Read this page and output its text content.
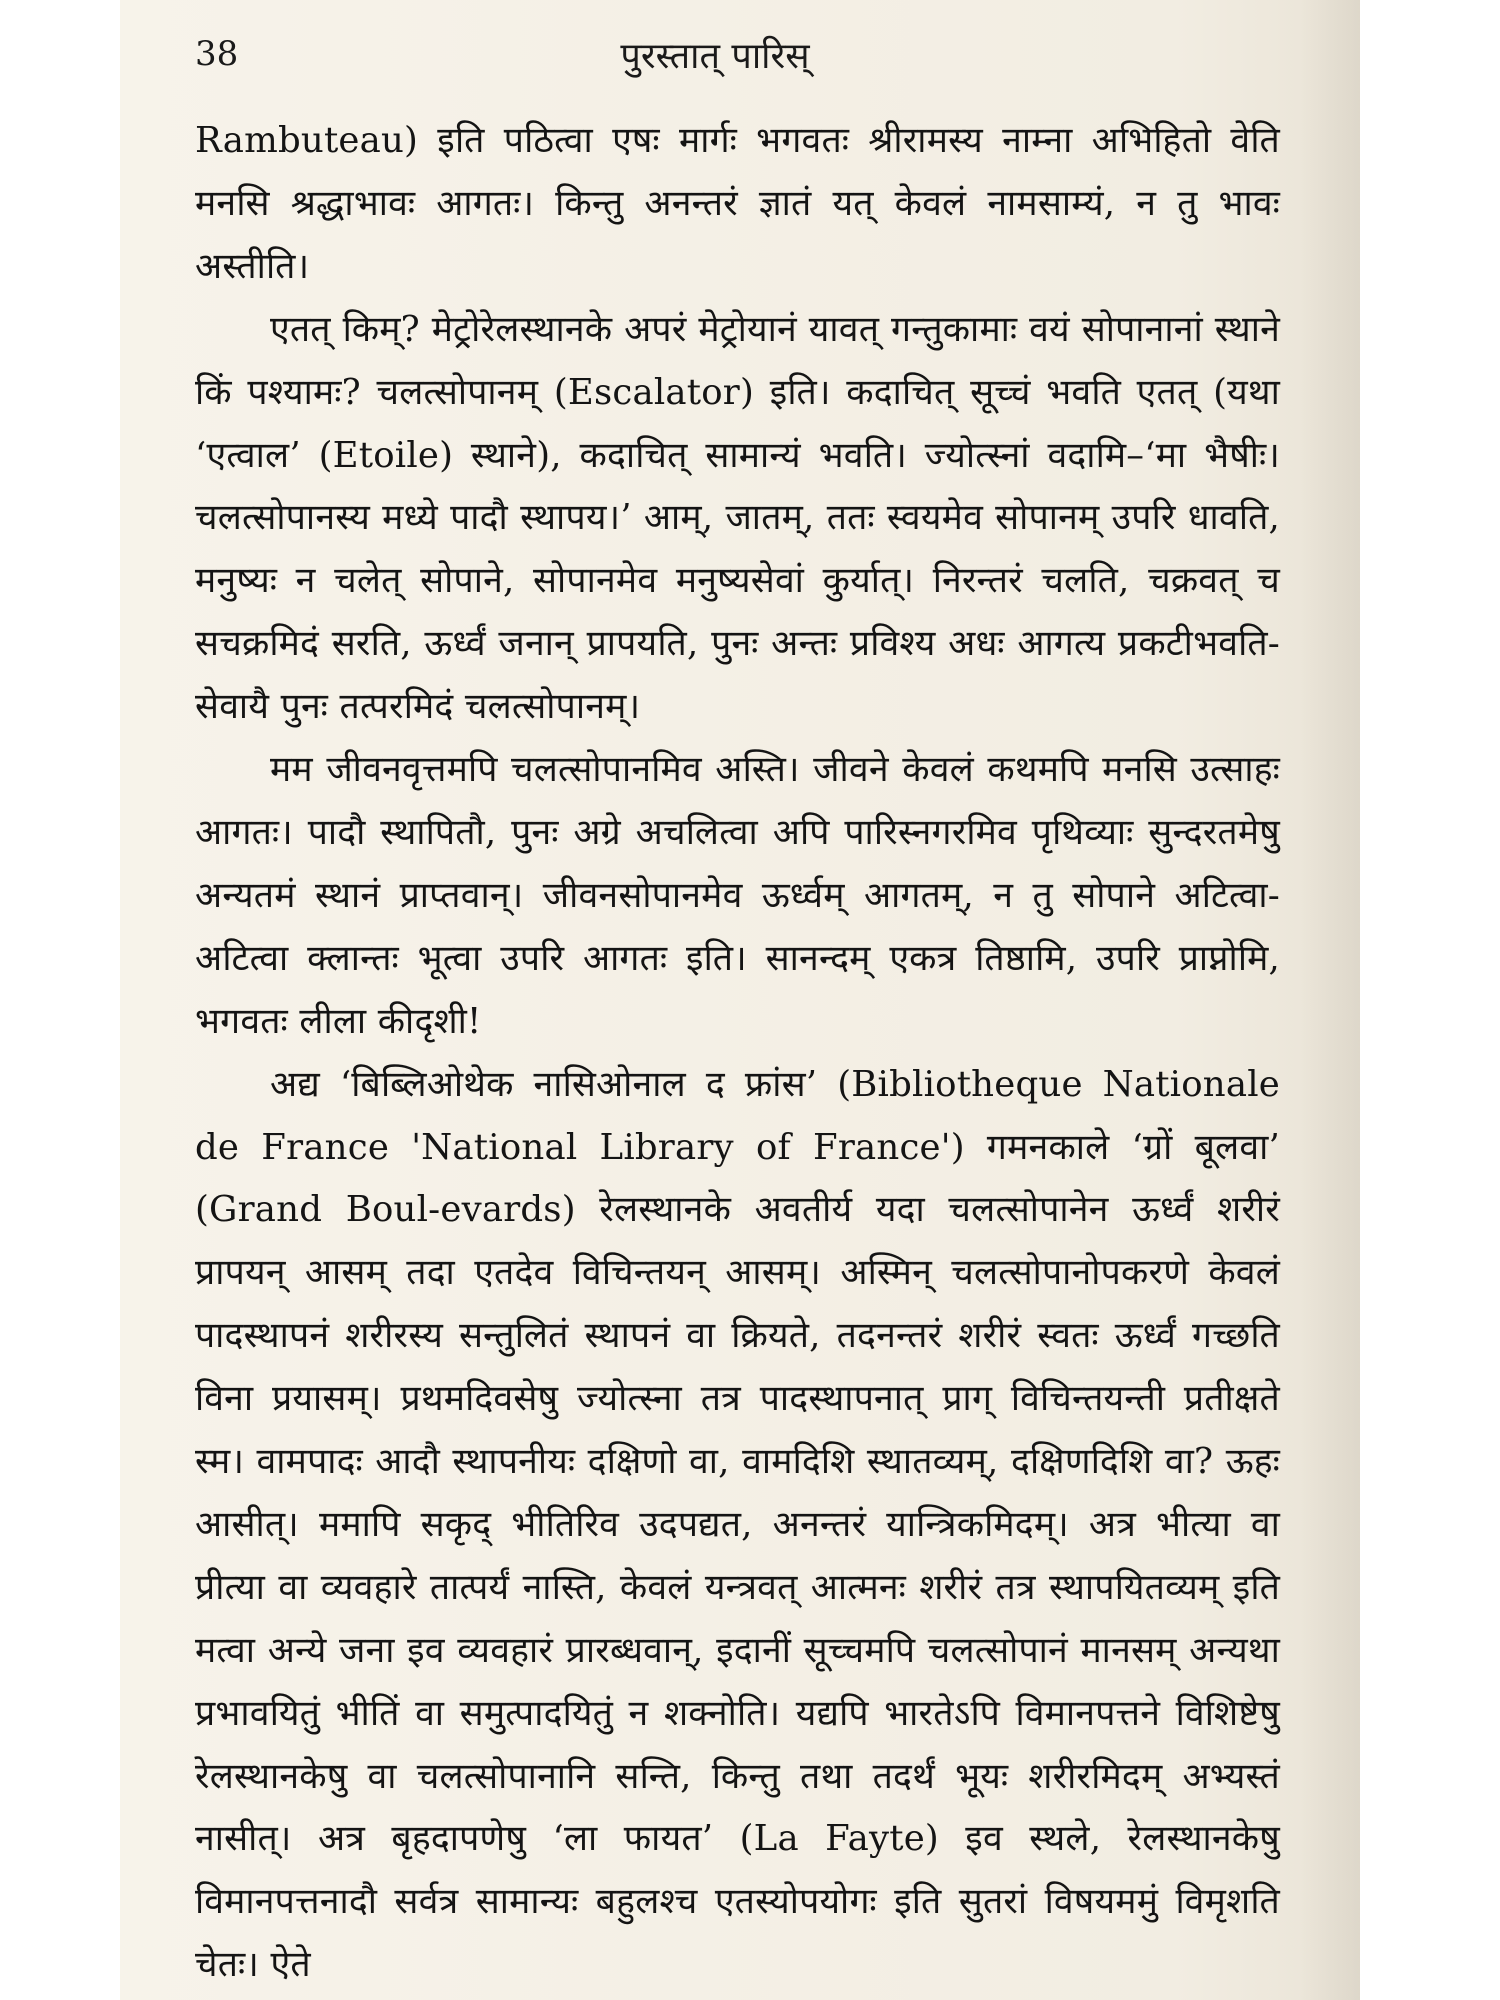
38	पुरस्तात् पारिस्

Rambuteau) इति पठित्वा एषः मार्गः भगवतः श्रीरामस्य नाम्ना अभिहितो वेति मनसि श्रद्धाभावः आगतः। किन्तु अनन्तरं ज्ञातं यत् केवलं नामसाम्यं, न तु भावः अस्तीति।

एतत् किम्? मेट्रोरेलस्थानके अपरं मेट्रोयानं यावत् गन्तुकामाः वयं सोपानानां स्थाने किं पश्यामः? चलत्सोपानम् (Escalator) इति। कदाचित् सूच्चं भवति एतत् (यथा ‘एत्वाल’ (Etoile) स्थाने), कदाचित् सामान्यं भवति। ज्योत्स्नां वदामि–‘मा भैषीः। चलत्सोपानस्य मध्ये पादौ स्थापय।’ आम्, जातम्, ततः स्वयमेव सोपानम् उपरि धावति, मनुष्यः न चलेत् सोपाने, सोपानमेव मनुष्यसेवां कुर्यात्। निरन्तरं चलति, चक्रवत् च सचक्रमिदं सरति, ऊर्ध्वं जनान् प्रापयति, पुनः अन्तः प्रविश्य अधः आगत्य प्रकटीभवति- सेवायै पुनः तत्परमिदं चलत्सोपानम्।

मम जीवनवृत्तमपि चलत्सोपानमिव अस्ति। जीवने केवलं कथमपि मनसि उत्साहः आगतः। पादौ स्थापितौ, पुनः अग्रे अचलित्वा अपि पारिस्नगरमिव पृथिव्याः सुन्दरतमेषु अन्यतमं स्थानं प्राप्तवान्। जीवनसोपानमेव ऊर्ध्वम् आगतम्, न तु सोपाने अटित्वा-अटित्वा क्लान्तः भूत्वा उपरि आगतः इति। सानन्दम् एकत्र तिष्ठामि, उपरि प्राप्नोमि, भगवतः लीला कीदृशी!

अद्य ‘बिब्लिओथेक नासिओनाल द फ्रांस’ (Bibliotheque Nationale de France 'National Library of France') गमनकाले ‘ग्रों बूलवा’ (Grand Boul-evards) रेलस्थानके अवतीर्य यदा चलत्सोपानेन ऊर्ध्वं शरीरं प्रापयन् आसम् तदा एतदेव विचिन्तयन् आसम्। अस्मिन् चलत्सोपानोपकरणे केवलं पादस्थापनं शरीरस्य सन्तुलितं स्थापनं वा क्रियते, तदनन्तरं शरीरं स्वतः ऊर्ध्वं गच्छति विना प्रयासम्। प्रथमदिवसेषु ज्योत्स्ना तत्र पादस्थापनात् प्राग् विचिन्तयन्ती प्रतीक्षते स्म। वामपादः आदौ स्थापनीयः दक्षिणो वा, वामदिशि स्थातव्यम्, दक्षिणदिशि वा? ऊहः आसीत्। ममापि सकृद् भीतिरिव उदपद्यत, अनन्तरं यान्त्रिकमिदम्। अत्र भीत्या वा प्रीत्या वा व्यवहारे तात्पर्यं नास्ति, केवलं यन्त्रवत् आत्मनः शरीरं तत्र स्थापयितव्यम् इति मत्वा अन्ये जना इव व्यवहारं प्रारब्धवान्, इदानीं सूच्चमपि चलत्सोपानं मानसम् अन्यथा प्रभावयितुं भीतिं वा समुत्पादयितुं न शक्नोति। यद्यपि भारतेऽपि विमानपत्तने विशिष्टेषु रेलस्थानकेषु वा चलत्सोपानानि सन्ति, किन्तु तथा तदर्थं भूयः शरीरमिदम् अभ्यस्तं नासीत्। अत्र बृहदापणेषु ‘ला फायत’ (La Fayte) इव स्थले, रेलस्थानकेषु विमानपत्तनादौ सर्वत्र सामान्यः बहुलश्च एतस्योपयोगः इति सुतरां विषयममुं विमृशति चेतः। ऐते
